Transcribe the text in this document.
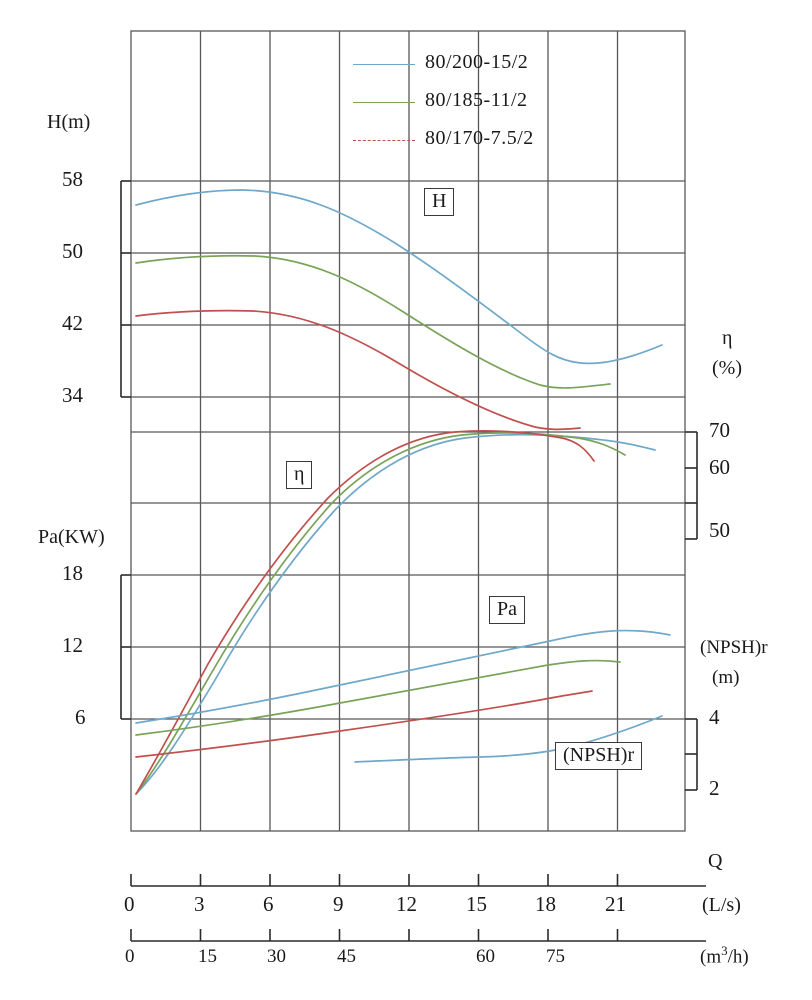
80/200-15/2
80/185-11/2
80/170-7.5/2
H(m)
Pa(KW)
58
50
42
34
18
12
6
η
(%)
70
60
50
(NPSH)r
(m)
4
2
H
η
Pa
(NPSH)r
Q
(L/s)
0	3	6	9	12 15 18 21
0	15	30	45	60	75	$(m^3/h)$
